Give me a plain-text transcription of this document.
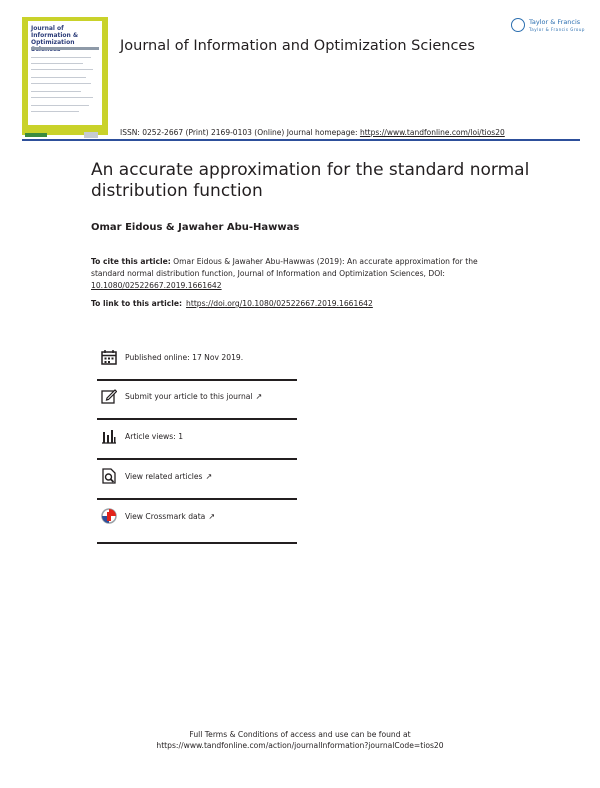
Journal of Information & Optimization	Journal of Information and Optimization Sciences
Taylor & Francis
Taylor & Francis Group
ISSN: 0252-2667 (Print) 2169-0103 (Online) Journal homepage: https://www.tandfonline.com/loi/tios20
An accurate approximation for the standard normal distribution function
Omar Eidous & Jawaher Abu-Hawwas
To cite this article: Omar Eidous & Jawaher Abu-Hawwas (2019): An accurate approximation for the standard normal distribution function, Journal of Information and Optimization Sciences, DOI: 10.1080/02522667.2019.1661642
To link to this article: https://doi.org/10.1080/02522667.2019.1661642
Published online: 17 Nov 2019.
Submit your article to this journal ↗
Article views: 1
View related articles ↗
View Crossmark data ↗
Full Terms & Conditions of access and use can be found at
https://www.tandfonline.com/action/journalInformation?journalCode=tios20
